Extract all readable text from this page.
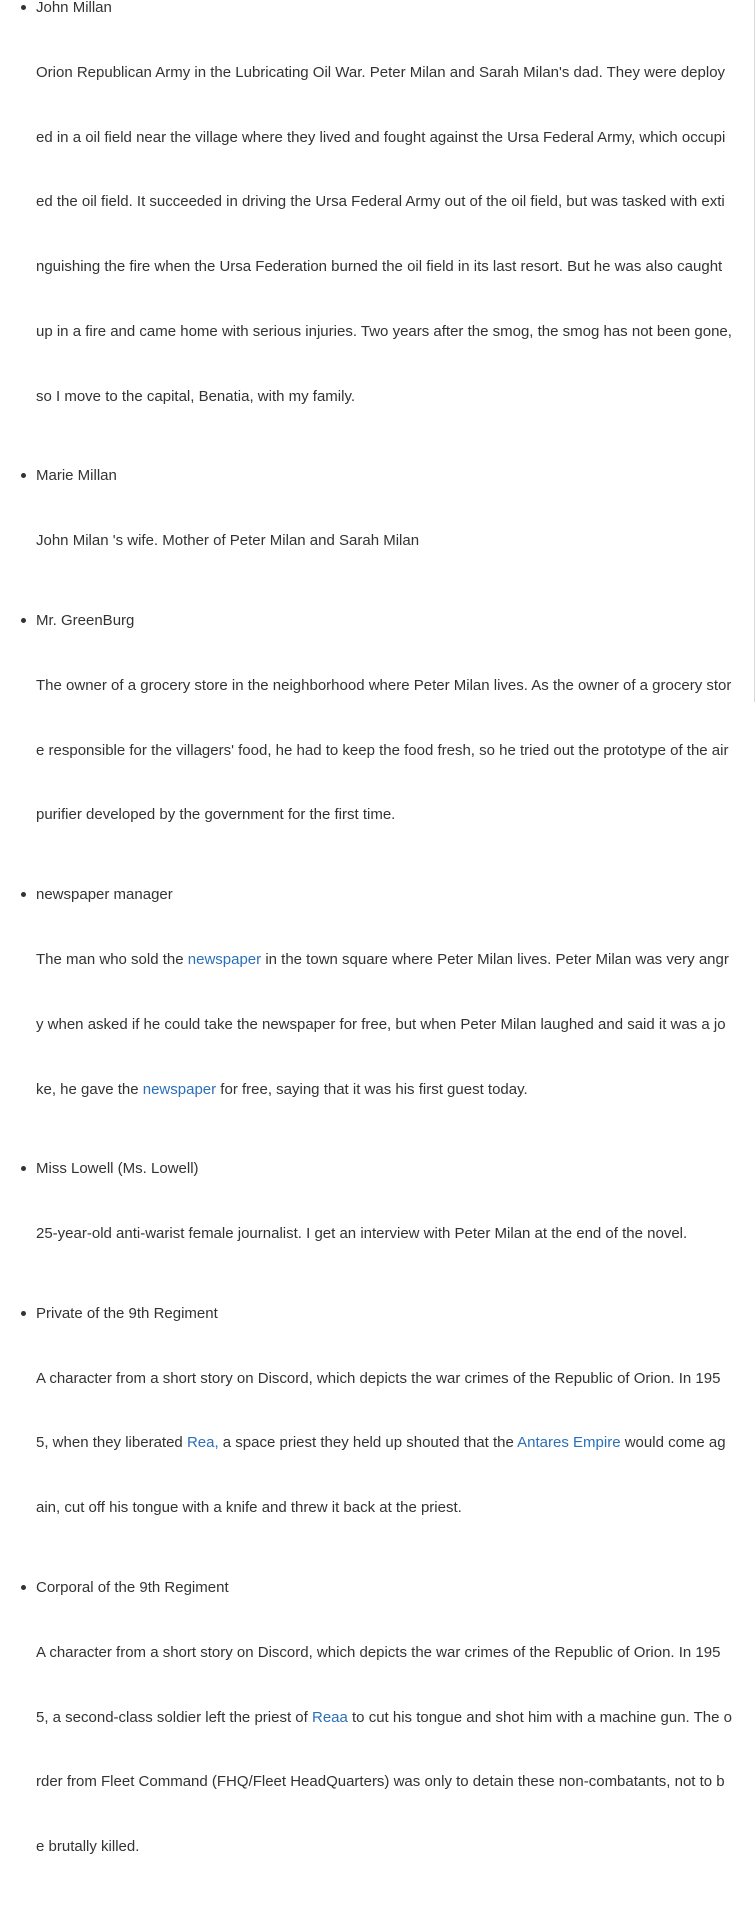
John Millan

Orion Republican Army in the Lubricating Oil War. Peter Milan and Sarah Milan's dad. They were deploy

ed in a oil field near the village where they lived and fought against the Ursa Federal Army, which occupi

ed the oil field. It succeeded in driving the Ursa Federal Army out of the oil field, but was tasked with exti

nguishing the fire when the Ursa Federation burned the oil field in its last resort. But he was also caught

up in a fire and came home with serious injuries. Two years after the smog, the smog has not been gone,

so I move to the capital, Benatia, with my family.

Marie Millan

John Milan 's wife. Mother of Peter Milan and Sarah Milan

Mr. GreenBurg

The owner of a grocery store in the neighborhood where Peter Milan lives. As the owner of a grocery stor

e responsible for the villagers' food, he had to keep the food fresh, so he tried out the prototype of the air

purifier developed by the government for the first time.

newspaper manager

The man who sold the newspaper in the town square where Peter Milan lives. Peter Milan was very angr

y when asked if he could take the newspaper for free, but when Peter Milan laughed and said it was a jo

ke, he gave the newspaper for free, saying that it was his first guest today.

Miss Lowell (Ms. Lowell)

25-year-old anti-warist female journalist. I get an interview with Peter Milan at the end of the novel.

Private of the 9th Regiment

A character from a short story on Discord, which depicts the war crimes of the Republic of Orion. In 195

5, when they liberated Rea, a space priest they held up shouted that the Antares Empire would come ag

ain, cut off his tongue with a knife and threw it back at the priest.

Corporal of the 9th Regiment

A character from a short story on Discord, which depicts the war crimes of the Republic of Orion. In 195

5, a second-class soldier left the priest of Reaa to cut his tongue and shot him with a machine gun. The o

rder from Fleet Command (FHQ/Fleet HeadQuarters) was only to detain these non-combatants, not to b

e brutally killed.
